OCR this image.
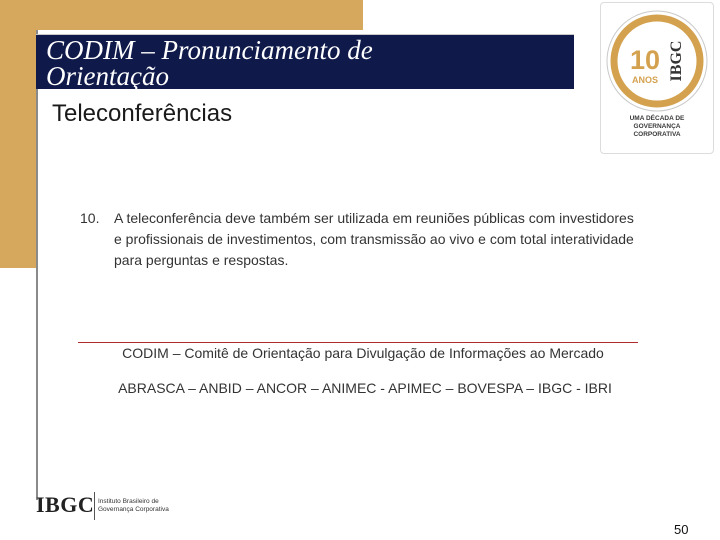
CODIM – Pronunciamento de
Orientação
Teleconferências
10
ANOS IBGC
UMA DÉCADA DE
GOVERNANÇA
CORPORATIVA
10. A teleconferência deve também ser utilizada em reuniões públicas com investidores e profissionais de investimentos, com transmissão ao vivo e com total interatividade para perguntas e respostas.
CODIM – Comitê de Orientação para Divulgação de Informações ao Mercado
ABRASCA – ANBID – ANCOR – ANIMEC - APIMEC – BOVESPA – IBGC - IBRI
IBGC Instituto Brasileiro de
Governança Corporativa
50
